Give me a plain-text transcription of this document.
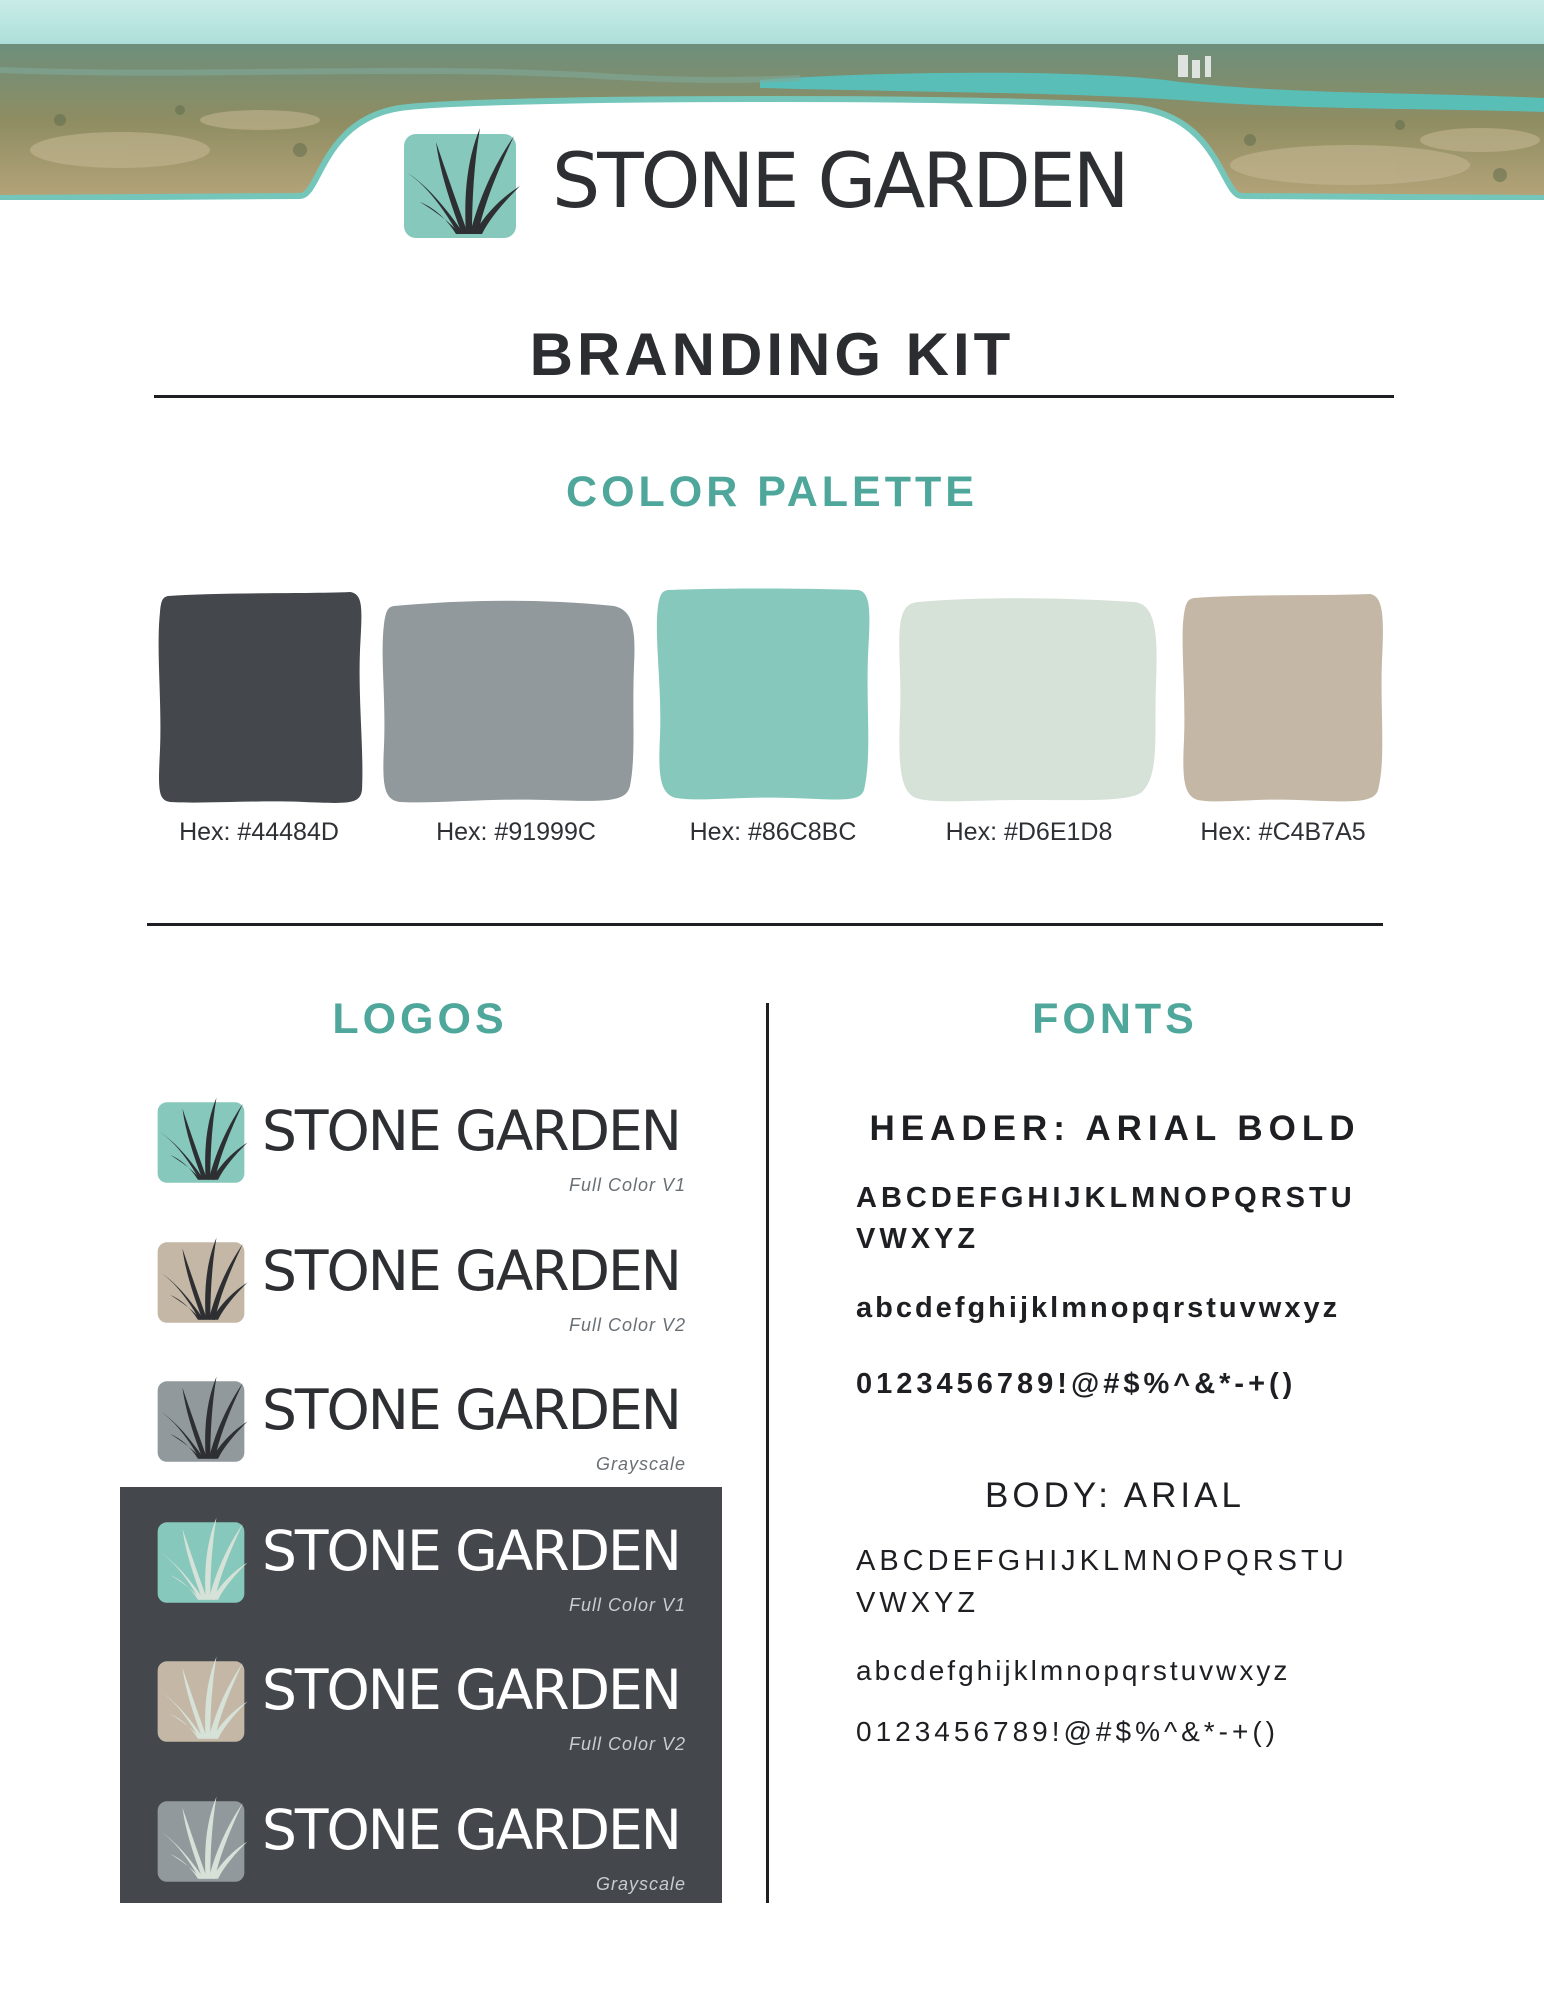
STONE GARDEN
BRANDING KIT
COLOR PALETTE
Hex: #44484D	Hex: #91999C	Hex: #86C8BC	Hex: #D6E1D8	Hex: #C4B7A5
LOGOS
STONE GARDEN
Full Color V1
STONE GARDEN
Full Color V2
STONE GARDEN
Grayscale
STONE GARDEN
Full Color V1
STONE GARDEN
Full Color V2
STONE GARDEN
Grayscale
FONTS
HEADER: ARIAL BOLD
ABCDEFGHIJKLMNOPQRSTU
VWXYZ
abcdefghijklmnopqrstuvwxyz
0123456789!@#$%^&*-+()
BODY: ARIAL
ABCDEFGHIJKLMNOPQRSTU
VWXYZ
abcdefghijklmnopqrstuvwxyz
0123456789!@#$%^&*-+()
